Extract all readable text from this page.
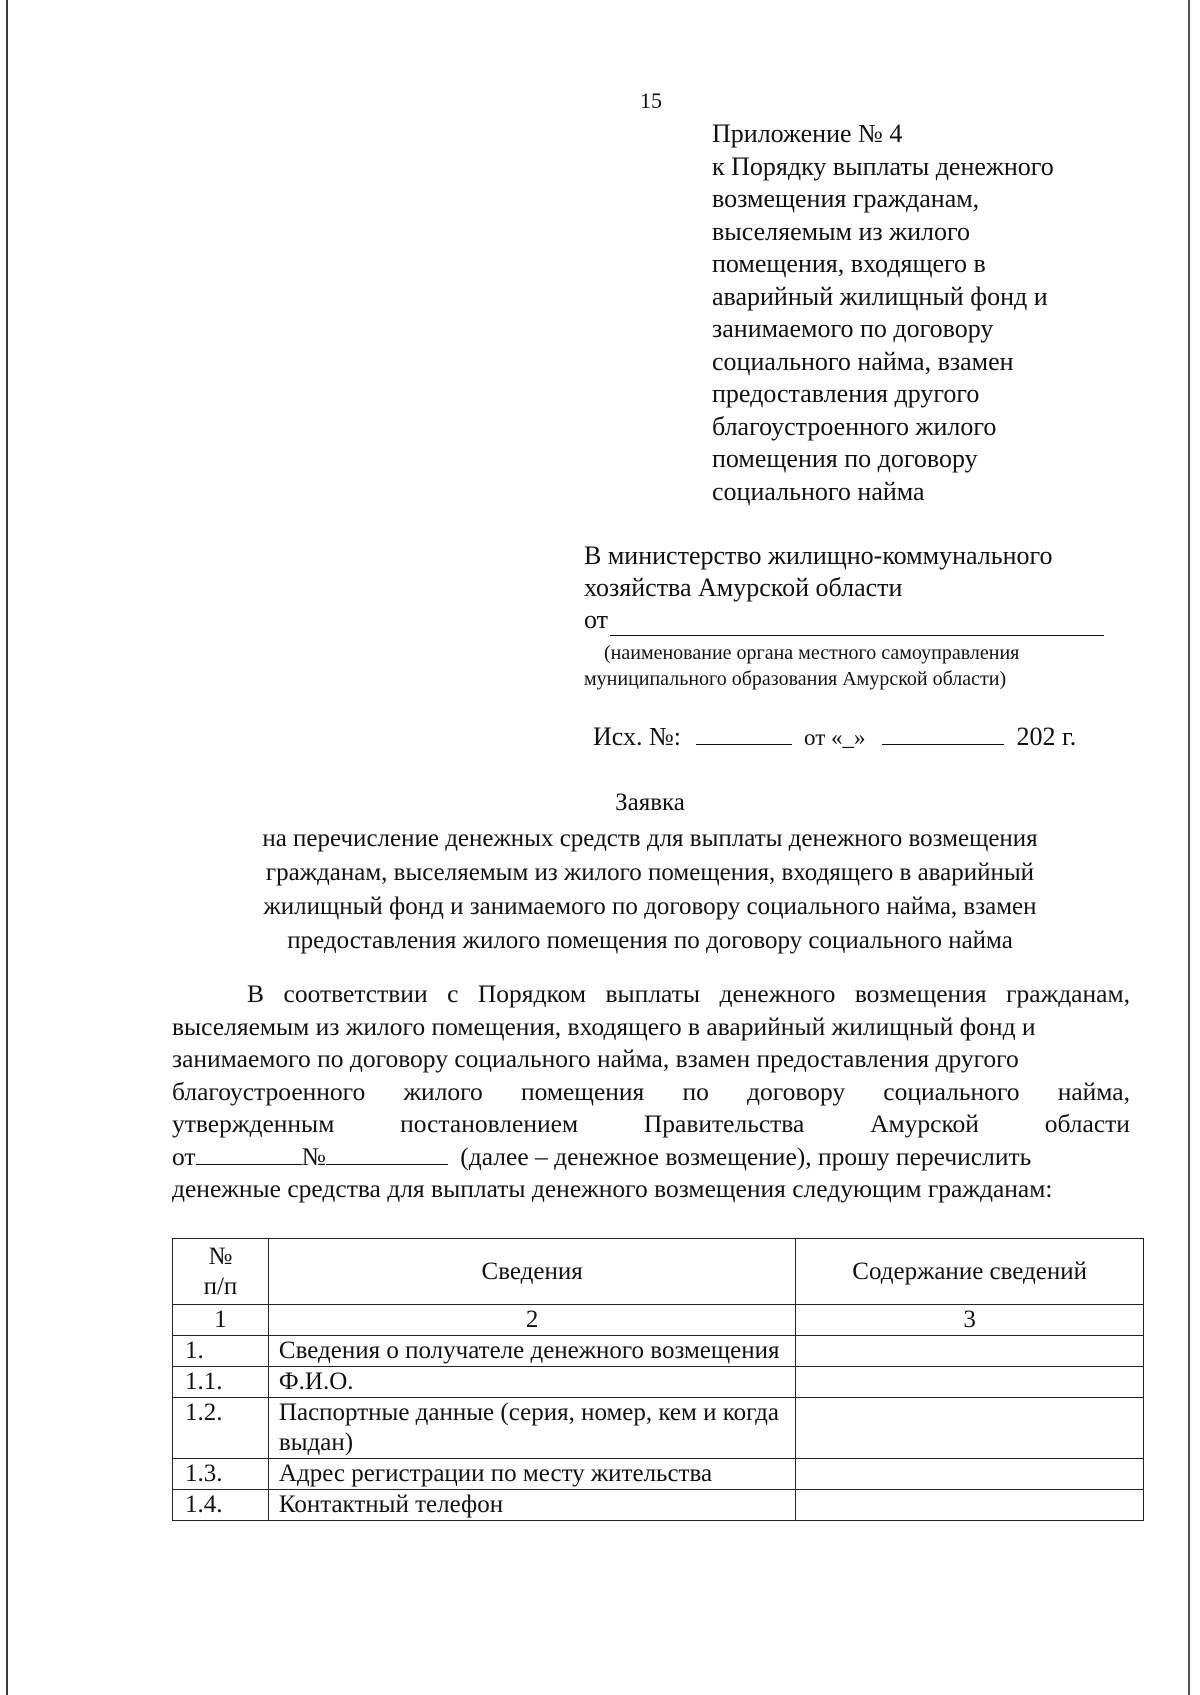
15
Приложение № 4
к Порядку выплаты денежного
возмещения гражданам,
выселяемым из жилого
помещения, входящего в
аварийный жилищный фонд и
занимаемого по договору
социального найма, взамен
предоставления другого
благоустроенного жилого
помещения по договору
социального найма
В министерство жилищно-коммунального
хозяйства Амурской области
от
(наименование органа местного самоуправления
муниципального образования Амурской области)
Исх. №:	от «_»	202 г.
Заявка
на перечисление денежных средств для выплаты денежного возмещения
гражданам, выселяемым из жилого помещения, входящего в аварийный
жилищный фонд и занимаемого по договору социального найма, взамен
предоставления жилого помещения по договору социального найма
В соответствии с Порядком выплаты денежного возмещения гражданам,
выселяемым из жилого помещения, входящего в аварийный жилищный фонд и
занимаемого по договору социального найма, взамен предоставления другого
благоустроенного жилого помещения по договору социального найма,
утвержденным	постановлением	Правительства	Амурской	области
от	№	(далее – денежное возмещение), прошу перечислить
денежные средства для выплаты денежного возмещения следующим гражданам:
№
п/п	Сведения	Содержание сведений
1	2	3
1.	Сведения о получателе денежного возмещения	
1.1.	Ф.И.О.	
1.2.	Паспортные данные (серия, номер, кем и когда выдан)	
1.3.	Адрес регистрации по месту жительства	
1.4.	Контактный телефон	
